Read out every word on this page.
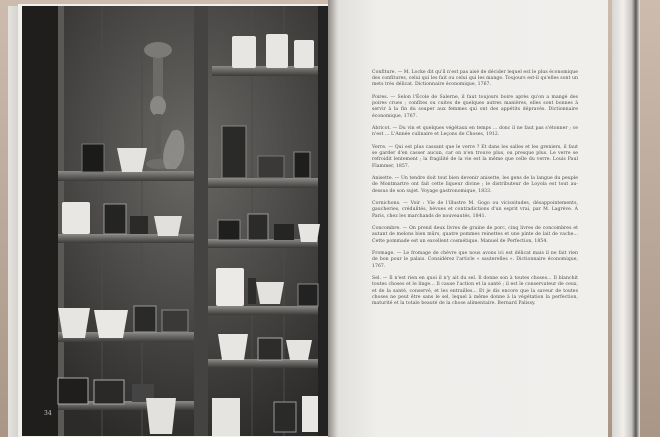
34

Confiture. — M. Locke dit qu'il n'est pas aisé de décider lequel est le plus économique des confitures, celui qui les fait ou celui qui les mange. Toujours est-il qu'elles sont un mets très délicat. Dictionnaire économique, 1767.

Poires. — Selon l'École de Salerne, il faut toujours boire après qu'on a mangé des poires crues ; confites ou cuites de quelques autres manières, elles sont bonnes à servir à la fin du souper aux femmes qui ont des appétits dépravés. Dictionnaire économique, 1767.

Abricot. — Du vin et quelques végétaux en temps ... donc il ne faut pas s'étonner ; ce n'est ... L'Année culinaire et Leçons de Choses, 1912.

Verre. — Qui est plus cassant que le verre ? Et dans les salles et les greniers, il faut se garder d'en casser aucun, car on n'en trouve plus, ou presque plus. Le verre se refroidit lentement ; la fragilité de la vie est la même que celle du verre. Louis Paul Flammer, 1857.

Anisette. — Un tendre doit tout bien devenir anisette, les gens de la langue du peuple de Montmartre ont fait cette liqueur divine ; le distributeur de Loyola est tout au-dessus de son sujet. Voyage gastronomique, 1833.

Cornichons. — Voir : Vie de l'illustre M. Gogo ou vicissitudes, désappointements, gaucheries, crédulités, bévues et contradictions d'un esprit vrai, par M. Lagrève. À Paris, chez les marchands de nouveautés, 1841.

Concombre. — On prend deux livres de graine de porc, cinq livres de concombres et autant de melons bien mûrs, quatre pommes reinettes et une pinte de lait de vache... Cette pommade est un excellent cosmétique. Manuel de Perfection, 1854.

Fromage. — Le fromage de chèvre que nous avons ici est délicat mais il ne fait rien de bon pour le palais. Considérez l'article « sauterelles ». Dictionnaire économique, 1767.

Sel. — Il n'est rien en quoi il n'y ait du sel. Il donne son à toutes choses... Il blanchit toutes choses et le linge... Il cause l'action et la santé ; il est le conservateur de ceux, et de la santé, conservé, et les entrailles... Et je dis encore que la saveur de toutes choses ne peut être sans le sel, lequel à même donne à la végétation la perfection, maturité et la totale beauté de la chose alimentaire. Bernard Palissy.
